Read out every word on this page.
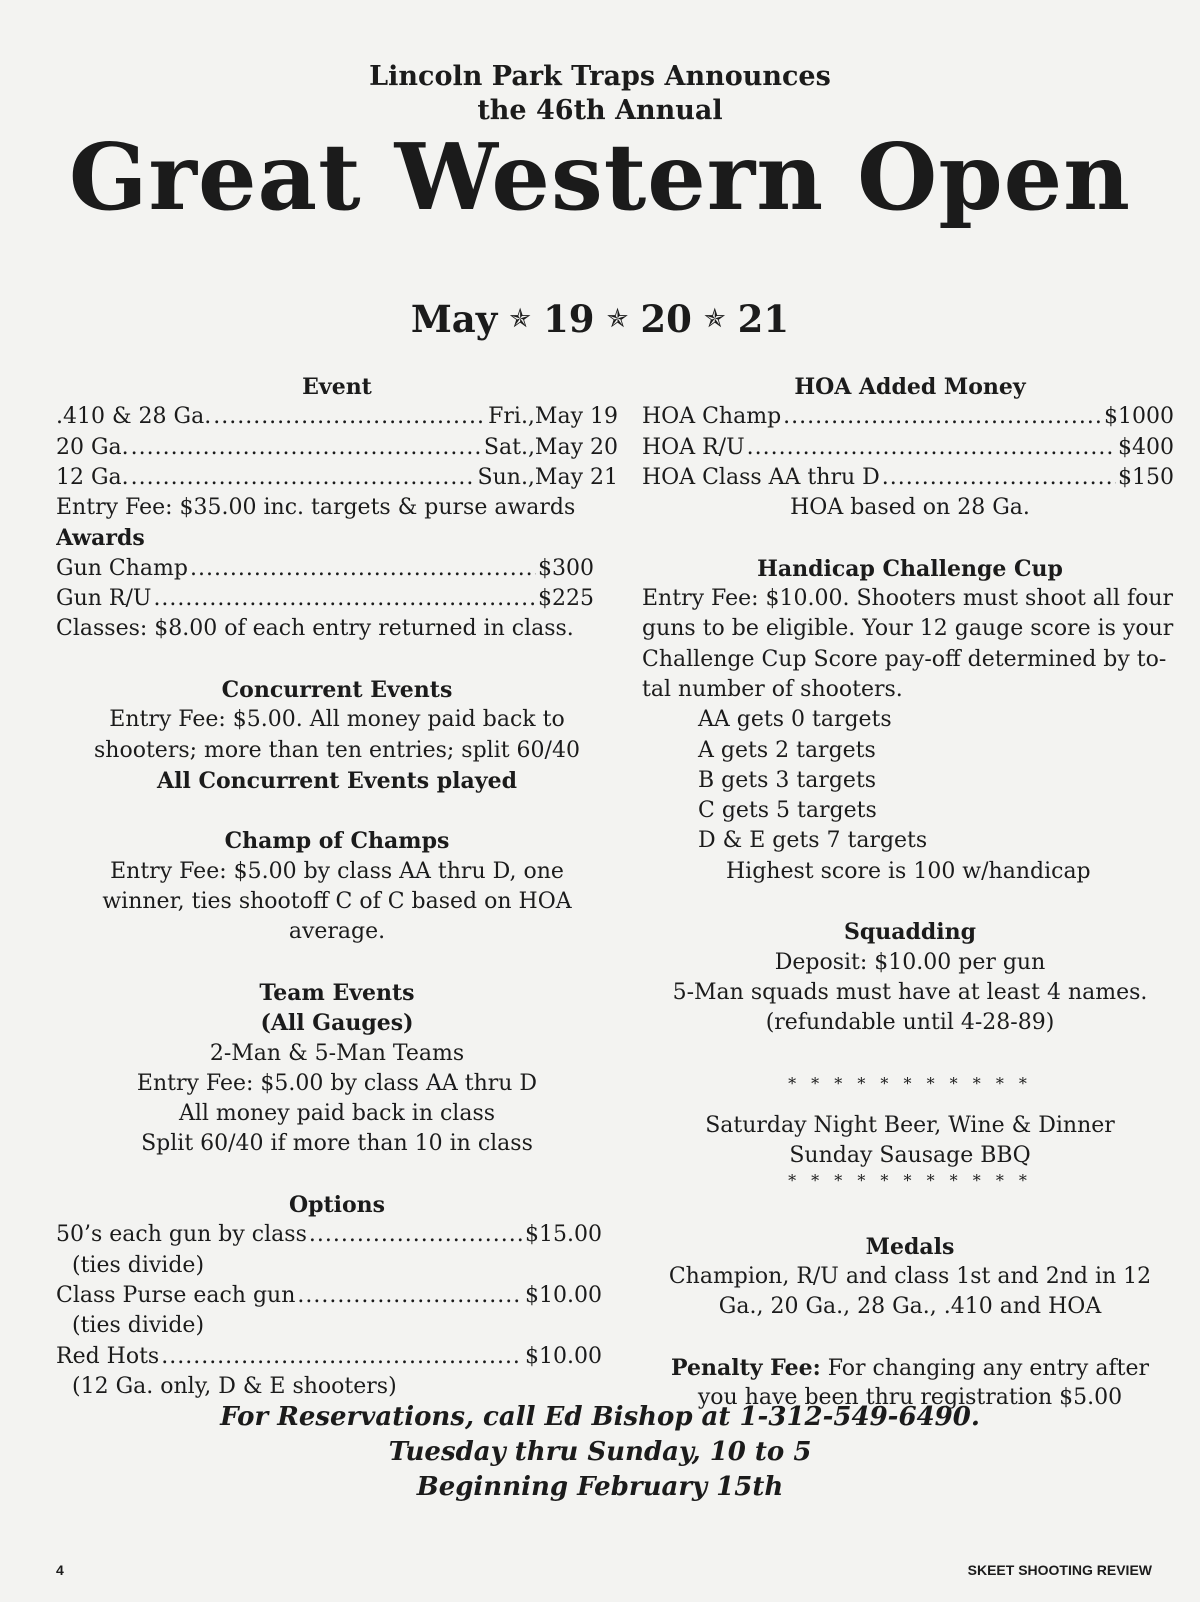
Lincoln Park Traps Announces
the 46th Annual
Great Western Open
May ✯ 19 ✯ 20 ✯ 21
Event
.410 & 28 Ga. .....	Fri.,May 19
20 Ga. .....	Sat.,May 20
12 Ga. .....	Sun.,May 21
Entry Fee: $35.00 inc. targets & purse awards
Awards
Gun Champ .....	$300
Gun R/U .....	$225
Classes: $8.00 of each entry returned in class.
Concurrent Events
Entry Fee: $5.00. All money paid back to
shooters; more than ten entries; split 60/40
All Concurrent Events played
Champ of Champs
Entry Fee: $5.00 by class AA thru D, one
winner, ties shootoff C of C based on HOA
average.
Team Events
(All Gauges)
2-Man & 5-Man Teams
Entry Fee: $5.00 by class AA thru D
All money paid back in class
Split 60/40 if more than 10 in class
Options
50’s each gun by class .....	$15.00
(ties divide)
Class Purse each gun .....	$10.00
(ties divide)
Red Hots .....	$10.00
(12 Ga. only, D & E shooters)
HOA Added Money
HOA Champ .....	$1000
HOA R/U .....	$400
HOA Class AA thru D .....	$150
HOA based on 28 Ga.
Handicap Challenge Cup
Entry Fee: $10.00. Shooters must shoot all four
guns to be eligible. Your 12 gauge score is your
Challenge Cup Score pay-off determined by to-
tal number of shooters.
AA gets 0 targets
A gets 2 targets
B gets 3 targets
C gets 5 targets
D & E gets 7 targets
Highest score is 100 w/handicap
Squadding
Deposit: $10.00 per gun
5-Man squads must have at least 4 names.
(refundable until 4-28-89)
* * * * * * * * * * *
Saturday Night Beer, Wine & Dinner
Sunday Sausage BBQ
* * * * * * * * * * *
Medals
Champion, R/U and class 1st and 2nd in 12
Ga., 20 Ga., 28 Ga., .410 and HOA
Penalty Fee: For changing any entry after
you have been thru registration $5.00
For Reservations, call Ed Bishop at 1-312-549-6490.
Tuesday thru Sunday, 10 to 5
Beginning February 15th
4	SKEET SHOOTING REVIEW
